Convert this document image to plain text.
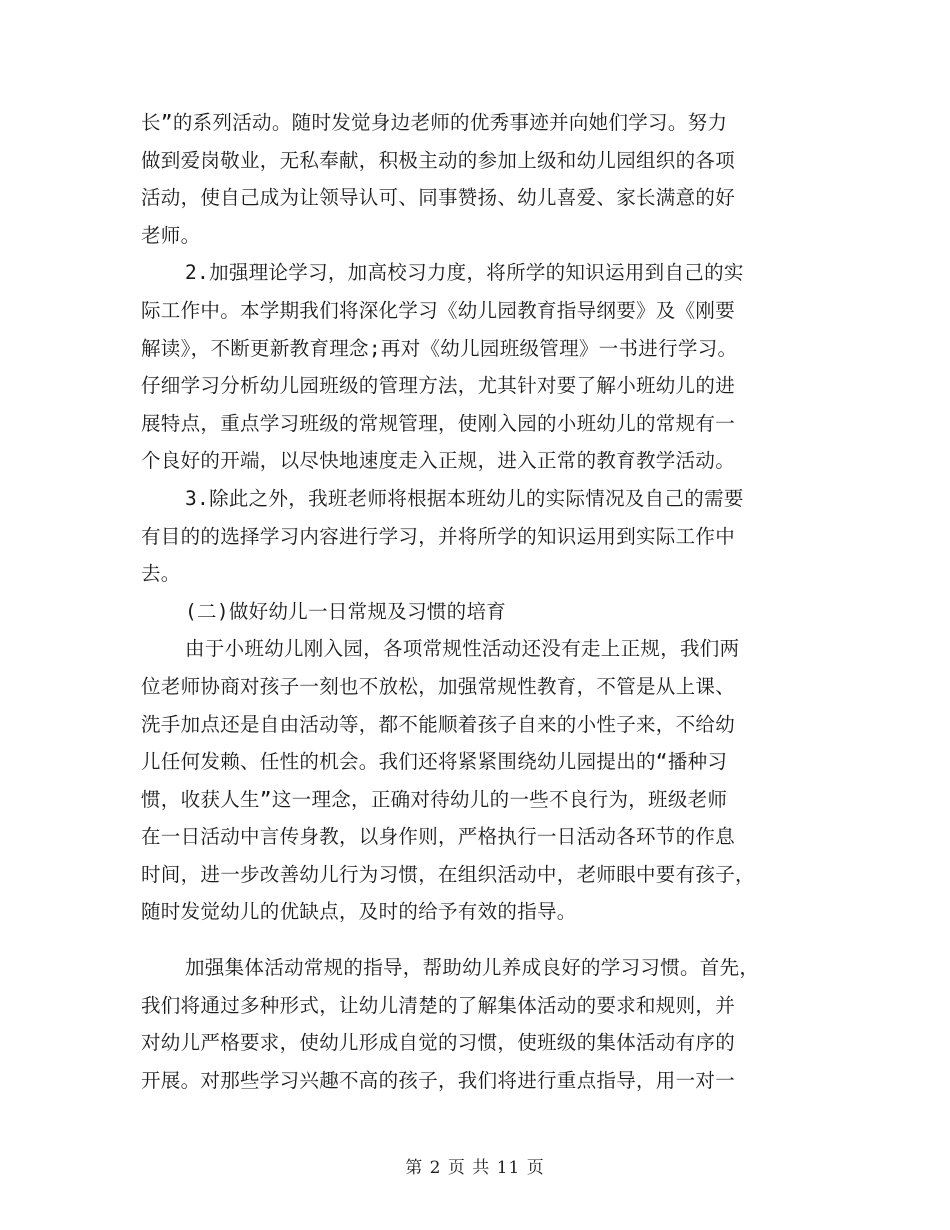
长”的系列活动。随时发觉身边老师的优秀事迹并向她们学习。努力
做到爱岗敬业，无私奉献，积极主动的参加上级和幼儿园组织的各项
活动，使自己成为让领导认可、同事赞扬、幼儿喜爱、家长满意的好
老师。
2.加强理论学习，加高校习力度，将所学的知识运用到自己的实
际工作中。本学期我们将深化学习《幼儿园教育指导纲要》及《刚要
解读》，不断更新教育理念;再对《幼儿园班级管理》一书进行学习。
仔细学习分析幼儿园班级的管理方法，尤其针对要了解小班幼儿的进
展特点，重点学习班级的常规管理，使刚入园的小班幼儿的常规有一
个良好的开端，以尽快地速度走入正规，进入正常的教育教学活动。
3.除此之外，我班老师将根据本班幼儿的实际情况及自己的需要
有目的的选择学习内容进行学习，并将所学的知识运用到实际工作中
去。
(二)做好幼儿一日常规及习惯的培育
由于小班幼儿刚入园，各项常规性活动还没有走上正规，我们两
位老师协商对孩子一刻也不放松，加强常规性教育，不管是从上课、
洗手加点还是自由活动等，都不能顺着孩子自来的小性子来，不给幼
儿任何发赖、任性的机会。我们还将紧紧围绕幼儿园提出的“播种习
惯，收获人生”这一理念，正确对待幼儿的一些不良行为，班级老师
在一日活动中言传身教，以身作则，严格执行一日活动各环节的作息
时间，进一步改善幼儿行为习惯，在组织活动中，老师眼中要有孩子，
随时发觉幼儿的优缺点，及时的给予有效的指导。
加强集体活动常规的指导，帮助幼儿养成良好的学习习惯。首先，
我们将通过多种形式，让幼儿清楚的了解集体活动的要求和规则，并
对幼儿严格要求，使幼儿形成自觉的习惯，使班级的集体活动有序的
开展。对那些学习兴趣不高的孩子，我们将进行重点指导，用一对一
第 2 页 共 11 页
